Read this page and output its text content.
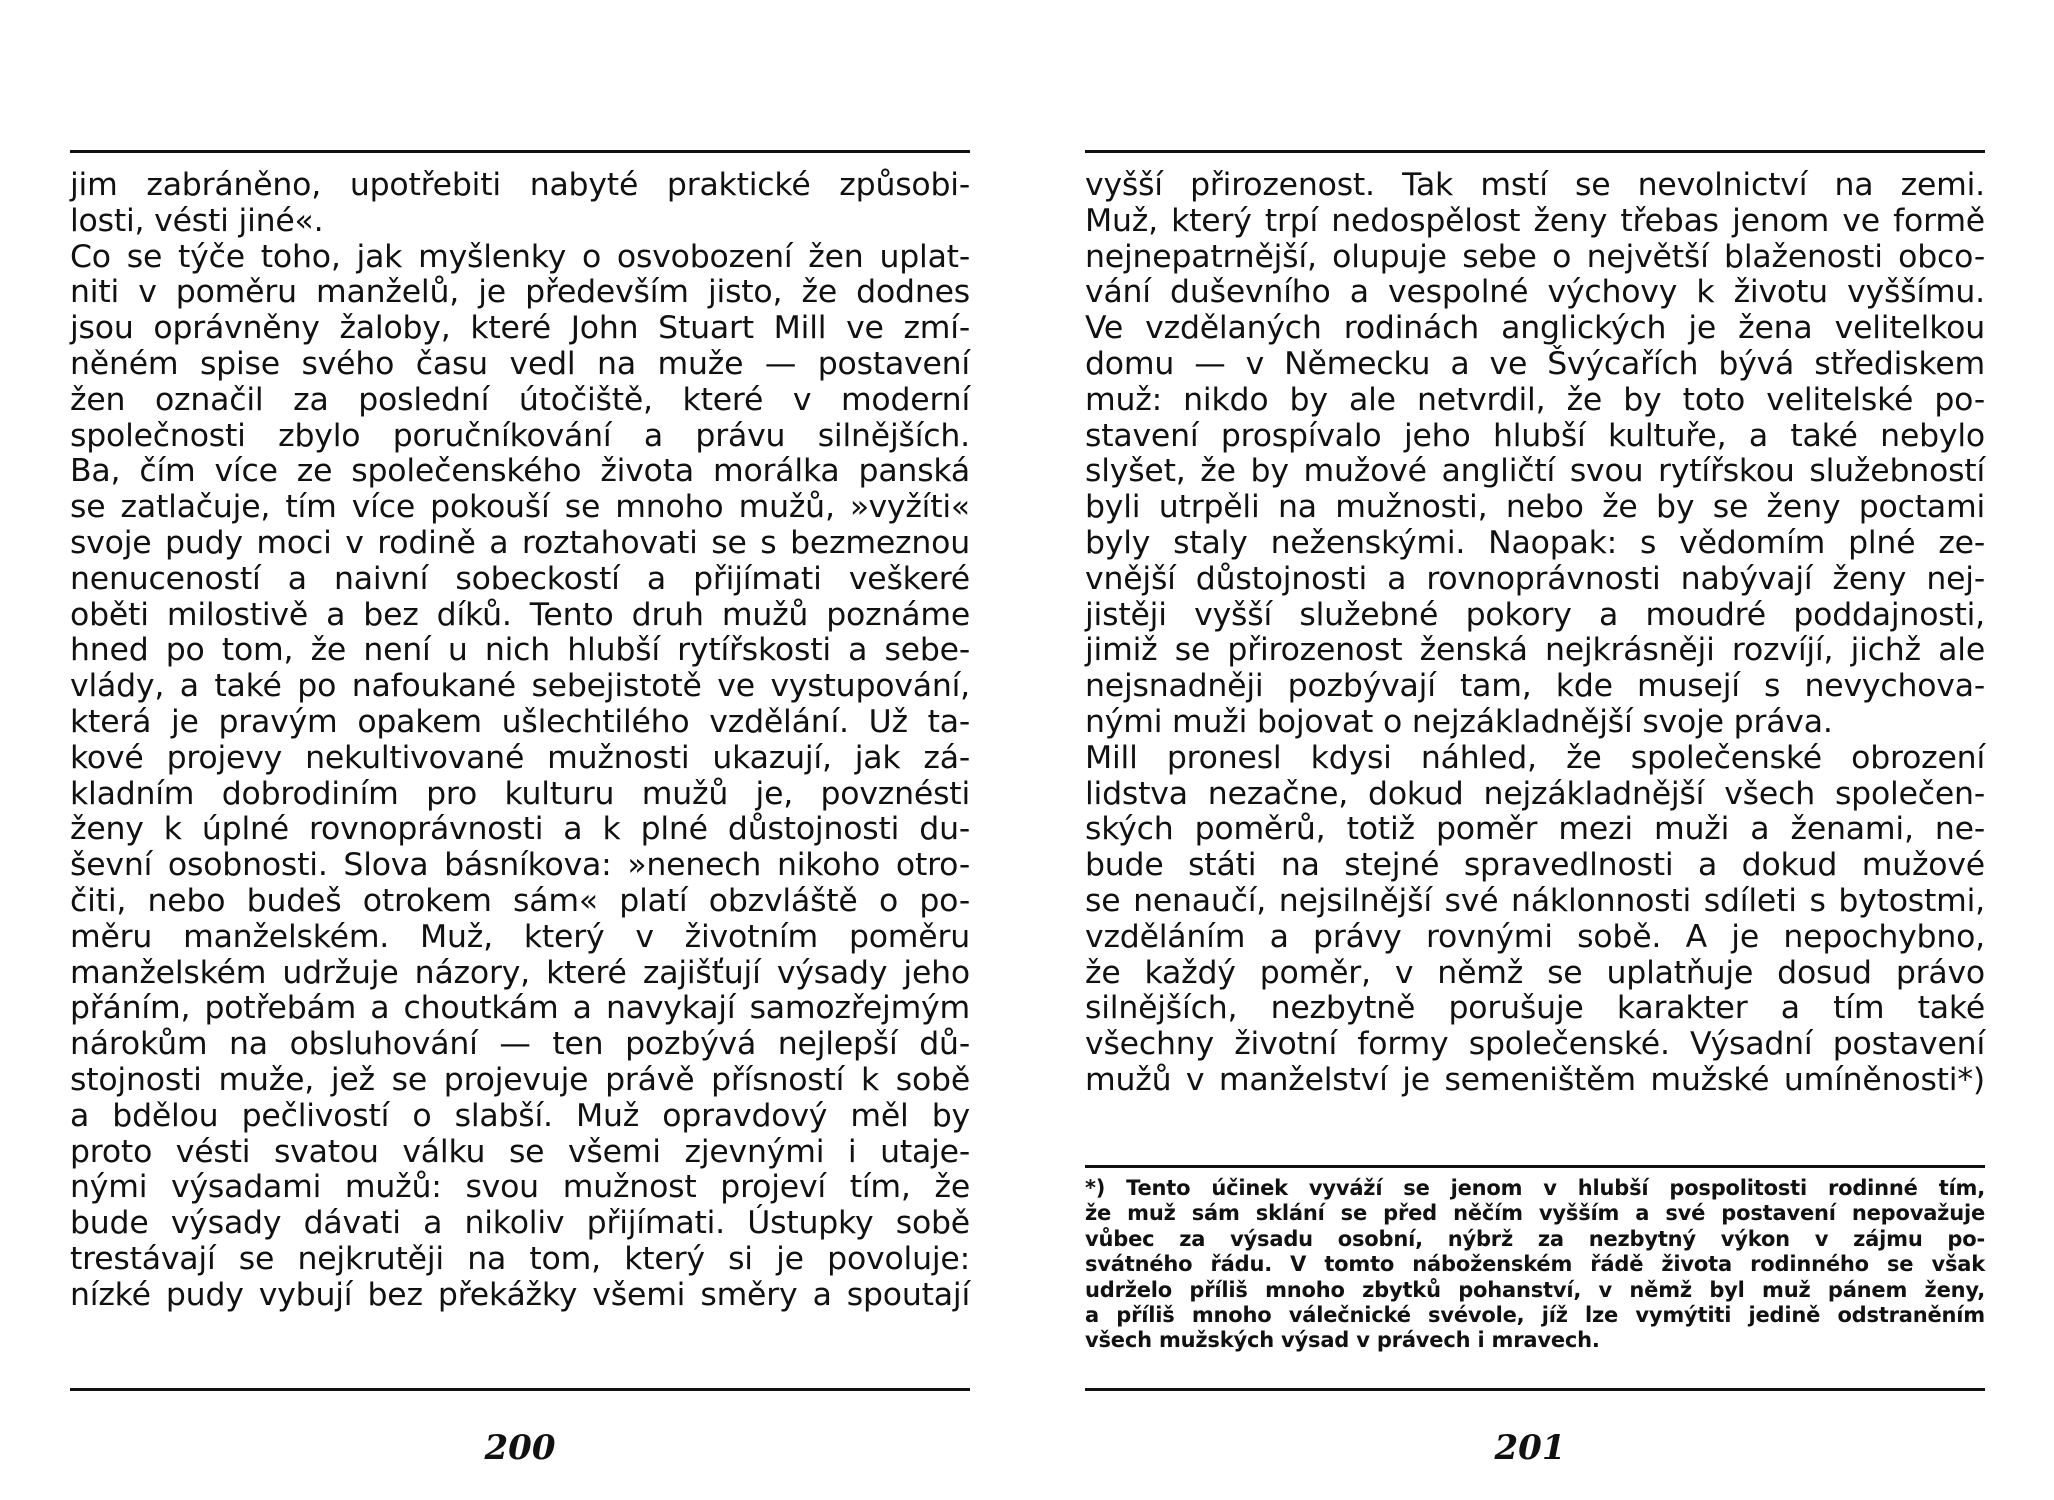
jim zabráněno, upotřebiti nabyté praktické způsobi-
losti, vésti jiné«.
Co se týče toho, jak myšlenky o osvobození žen uplat-
niti v poměru manželů, je především jisto, že dodnes
jsou oprávněny žaloby, které John Stuart Mill ve zmí-
něném spise svého času vedl na muže — postavení
žen označil za poslední útočiště, které v moderní
společnosti zbylo poručníkování a právu silnějších.
Ba, čím více ze společenského života morálka panská
se zatlačuje, tím více pokouší se mnoho mužů, »vyžíti«
svoje pudy moci v rodině a roztahovati se s bezmeznou
nenuceností a naivní sobeckostí a přijímati veškeré
oběti milostivě a bez díků. Tento druh mužů poznáme
hned po tom, že není u nich hlubší rytířskosti a sebe-
vlády, a také po nafoukané sebejistotě ve vystupování,
která je pravým opakem ušlechtilého vzdělání. Už ta-
kové projevy nekultivované mužnosti ukazují, jak zá-
kladním dobrodiním pro kulturu mužů je, povznésti
ženy k úplné rovnoprávnosti a k plné důstojnosti du-
ševní osobnosti. Slova básníkova: »nenech nikoho otro-
čiti, nebo budeš otrokem sám« platí obzvláště o po-
měru manželském. Muž, který v životním poměru
manželském udržuje názory, které zajišťují výsady jeho
přáním, potřebám a choutkám a navykají samozřejmým
nárokům na obsluhování — ten pozbývá nejlepší dů-
stojnosti muže, jež se projevuje právě přísností k sobě
a bdělou pečlivostí o slabší. Muž opravdový měl by
proto vésti svatou válku se všemi zjevnými i utaje-
nými výsadami mužů: svou mužnost projeví tím, že
bude výsady dávati a nikoliv přijímati. Ústupky sobě
trestávají se nejkrutěji na tom, který si je povoluje:
nízké pudy vybují bez překážky všemi směry a spoutají
200
vyšší přirozenost. Tak mstí se nevolnictví na zemi.
Muž, který trpí nedospělost ženy třebas jenom ve formě
nejnepatrnější, olupuje sebe o největší blaženosti obco-
vání duševního a vespolné výchovy k životu vyššímu.
Ve vzdělaných rodinách anglických je žena velitelkou
domu — v Německu a ve Švýcařích bývá střediskem
muž: nikdo by ale netvrdil, že by toto velitelské po-
stavení prospívalo jeho hlubší kultuře, a také nebylo
slyšet, že by mužové angličtí svou rytířskou služebností
byli utrpěli na mužnosti, nebo že by se ženy poctami
byly staly neženskými. Naopak: s vědomím plné ze-
vnější důstojnosti a rovnoprávnosti nabývají ženy nej-
jistěji vyšší služebné pokory a moudré poddajnosti,
jimiž se přirozenost ženská nejkrásněji rozvíjí, jichž ale
nejsnadněji pozbývají tam, kde musejí s nevychova-
nými muži bojovat o nejzákladnější svoje práva.
Mill pronesl kdysi náhled, že společenské obrození
lidstva nezačne, dokud nejzákladnější všech společen-
ských poměrů, totiž poměr mezi muži a ženami, ne-
bude státi na stejné spravedlnosti a dokud mužové
se nenaučí, nejsilnější své náklonnosti sdíleti s bytostmi,
vzděláním a právy rovnými sobě. A je nepochybno,
že každý poměr, v němž se uplatňuje dosud právo
silnějších, nezbytně porušuje karakter a tím také
všechny životní formy společenské. Výsadní postavení
mužů v manželství je semeništěm mužské umíněnosti*)
*) Tento účinek vyváží se jenom v hlubší pospolitosti rodinné tím,
že muž sám sklání se před něčím vyšším a své postavení nepovažuje
vůbec za výsadu osobní, nýbrž za nezbytný výkon v zájmu po-
svátného řádu. V tomto náboženském řádě života rodinného se však
udrželo příliš mnoho zbytků pohanství, v němž byl muž pánem ženy,
a příliš mnoho válečnické svévole, jíž lze vymýtiti jedině odstraněním
všech mužských výsad v právech i mravech.
201
